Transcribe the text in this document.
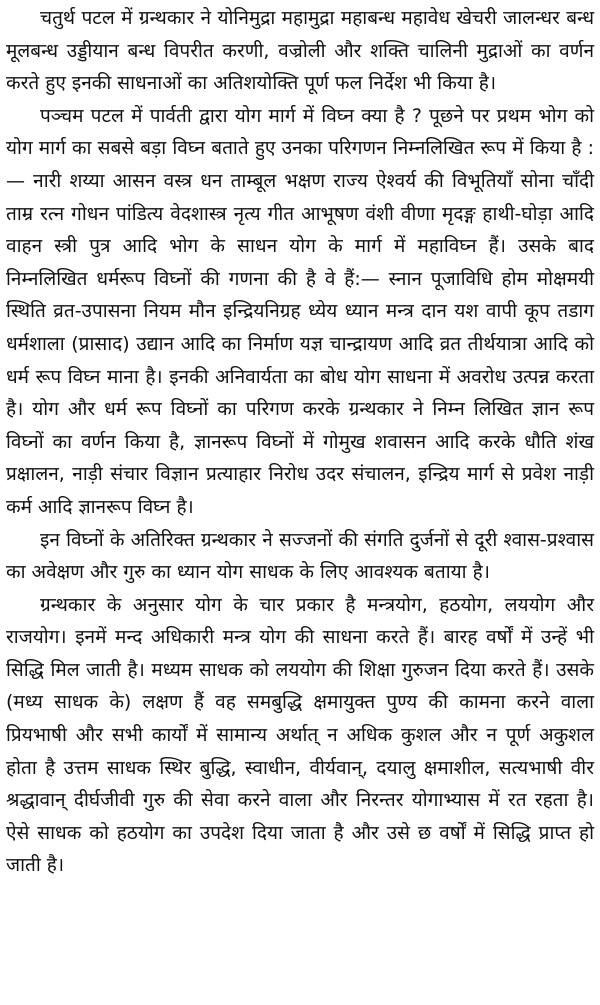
चतुर्थ पटल में ग्रन्थकार ने योनिमुद्रा महामुद्रा महाबन्ध महावेध खेचरी जालन्धर बन्ध मूलबन्ध उड्डीयान बन्ध विपरीत करणी, वज्रोली और शक्ति चालिनी मुद्राओं का वर्णन करते हुए इनकी साधनाओं का अतिशयोक्ति पूर्ण फल निर्देश भी किया है।

पञ्चम पटल में पार्वती द्वारा योग मार्ग में विघ्न क्या है ? पूछने पर प्रथम भोग को योग मार्ग का सबसे बड़ा विघ्न बताते हुए उनका परिगणन निम्नलिखित रूप में किया है :— नारी शय्या आसन वस्त्र धन ताम्बूल भक्षण राज्य ऐश्वर्य की विभूतियाँ सोना चाँदी ताम्र रत्न गोधन पांडित्य वेदशास्त्र नृत्य गीत आभूषण वंशी वीणा मृदङ्ग हाथी-घोड़ा आदि वाहन स्त्री पुत्र आदि भोग के साधन योग के मार्ग में महाविघ्न हैं। उसके बाद निम्नलिखित धर्मरूप विघ्नों की गणना की है वे हैं:— स्नान पूजाविधि होम मोक्षमयी स्थिति व्रत-उपासना नियम मौन इन्द्रियनिग्रह ध्येय ध्यान मन्त्र दान यश वापी कूप तडाग धर्मशाला (प्रासाद) उद्यान आदि का निर्माण यज्ञ चान्द्रायण आदि व्रत तीर्थयात्रा आदि को धर्म रूप विघ्न माना है। इनकी अनिवार्यता का बोध योग साधना में अवरोध उत्पन्न करता है। योग और धर्म रूप विघ्नों का परिगण करके ग्रन्थकार ने निम्न लिखित ज्ञान रूप विघ्नों का वर्णन किया है, ज्ञानरूप विघ्नों में गोमुख शवासन आदि करके धौति शंख प्रक्षालन, नाड़ी संचार विज्ञान प्रत्याहार निरोध उदर संचालन, इन्द्रिय मार्ग से प्रवेश नाड़ी कर्म आदि ज्ञानरूप विघ्न है।

इन विघ्नों के अतिरिक्त ग्रन्थकार ने सज्जनों की संगति दुर्जनों से दूरी श्वास-प्रश्वास का अवेक्षण और गुरु का ध्यान योग साधक के लिए आवश्यक बताया है।

ग्रन्थकार के अनुसार योग के चार प्रकार है मन्त्रयोग, हठयोग, लययोग और राजयोग। इनमें मन्द अधिकारी मन्त्र योग की साधना करते हैं। बारह वर्षों में उन्हें भी सिद्धि मिल जाती है। मध्यम साधक को लययोग की शिक्षा गुरुजन दिया करते हैं। उसके (मध्य साधक के) लक्षण हैं वह समबुद्धि क्षमायुक्त पुण्य की कामना करने वाला प्रियभाषी और सभी कार्यों में सामान्य अर्थात् न अधिक कुशल और न पूर्ण अकुशल होता है उत्तम साधक स्थिर बुद्धि, स्वाधीन, वीर्यवान्, दयालु क्षमाशील, सत्यभाषी वीर श्रद्धावान् दीर्घजीवी गुरु की सेवा करने वाला और निरन्तर योगाभ्यास में रत रहता है। ऐसे साधक को हठयोग का उपदेश दिया जाता है और उसे छ वर्षों में सिद्धि प्राप्त हो जाती है।
